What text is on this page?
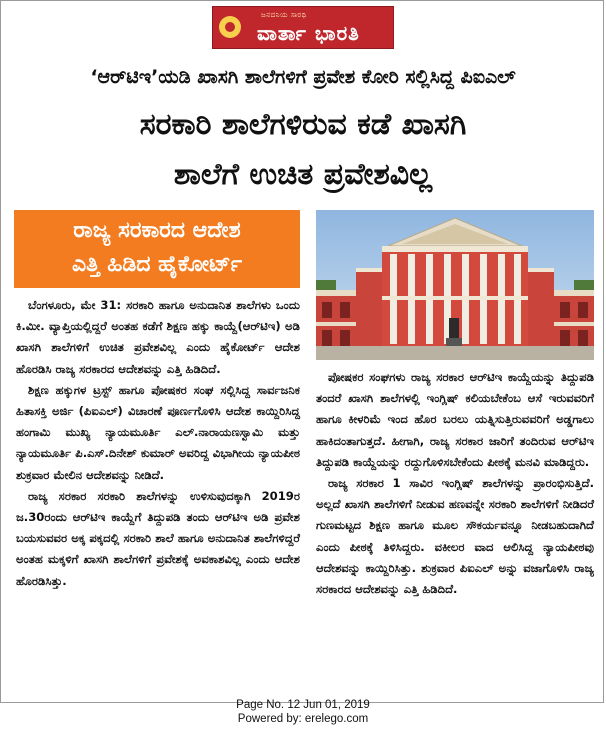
ಜನದನಿಯ ಸಾರಥಿ
ವಾರ್ತಾ ಭಾರತಿ
‘ಆರ್‌ಟಿಇ’ಯಡಿ ಖಾಸಗಿ ಶಾಲೆಗಳಿಗೆ ಪ್ರವೇಶ ಕೋರಿ ಸಲ್ಲಿಸಿದ್ದ ಪಿಐಎಲ್
ಸರಕಾರಿ ಶಾಲೆಗಳಿರುವ ಕಡೆ ಖಾಸಗಿ
ಶಾಲೆಗೆ ಉಚಿತ ಪ್ರವೇಶವಿಲ್ಲ
ರಾಜ್ಯ ಸರಕಾರದ ಆದೇಶ
ಎತ್ತಿ ಹಿಡಿದ ಹೈಕೋರ್ಟ್

ಬೆಂಗಳೂರು, ಮೇ 31: ಸರಕಾರಿ ಹಾಗೂ ಅನುದಾನಿತ ಶಾಲೆಗಳು ಒಂದು ಕಿ.ಮೀ. ವ್ಯಾಪ್ತಿಯಲ್ಲಿದ್ದರೆ ಅಂತಹ ಕಡೆಗೆ ಶಿಕ್ಷಣ ಹಕ್ಕು ಕಾಯ್ದೆ(ಆರ್‌ಟಿಇ) ಅಡಿ ಖಾಸಗಿ ಶಾಲೆಗಳಿಗೆ ಉಚಿತ ಪ್ರವೇಶವಿಲ್ಲ ಎಂದು ಹೈಕೋರ್ಟ್ ಆದೇಶ ಹೊರಡಿಸಿ ರಾಜ್ಯ ಸರಕಾರದ ಆದೇಶವನ್ನು ಎತ್ತಿ ಹಿಡಿದಿದೆ.

ಶಿಕ್ಷಣ ಹಕ್ಕುಗಳ ಟ್ರಸ್ಟ್ ಹಾಗೂ ಪೋಷಕರ ಸಂಘ ಸಲ್ಲಿಸಿದ್ದ ಸಾರ್ವಜನಿಕ ಹಿತಾಸಕ್ತಿ ಅರ್ಜಿ (ಪಿಐಎಲ್) ವಿಚಾರಣೆ ಪೂರ್ಣಗೊಳಿಸಿ ಆದೇಶ ಕಾಯ್ದಿರಿಸಿದ್ದ ಹಂಗಾಮಿ ಮುಖ್ಯ ನ್ಯಾಯಮೂರ್ತಿ ಎಲ್.ನಾರಾಯಣಸ್ವಾಮಿ ಮತ್ತು ನ್ಯಾಯಮೂರ್ತಿ ಪಿ.ಎಸ್.ದಿನೇಶ್ ಕುಮಾರ್ ಅವರಿದ್ದ ವಿಭಾಗೀಯ ನ್ಯಾಯಪೀಠ ಶುಕ್ರವಾರ ಮೇಲಿನ ಆದೇಶವನ್ನು ನೀಡಿದೆ.

ರಾಜ್ಯ ಸರಕಾರ ಸರಕಾರಿ ಶಾಲೆಗಳನ್ನು ಉಳಿಸುವುದಕ್ಕಾಗಿ 2019ರ ಜ.30ರಂದು ಆರ್‌ಟಿಇ ಕಾಯ್ದೆಗೆ ತಿದ್ದುಪಡಿ ತಂದು ಆರ್‌ಟಿಇ ಅಡಿ ಪ್ರವೇಶ ಬಯಸುವವರ ಅಕ್ಕ ಪಕ್ಕದಲ್ಲಿ ಸರಕಾರಿ ಶಾಲೆ ಹಾಗೂ ಅನುದಾನಿತ ಶಾಲೆಗಳಿದ್ದರೆ ಅಂತಹ ಮಕ್ಕಳಿಗೆ ಖಾಸಗಿ ಶಾಲೆಗಳಿಗೆ ಪ್ರವೇಶಕ್ಕೆ ಅವಕಾಶವಿಲ್ಲ ಎಂದು ಆದೇಶ ಹೊರಡಿಸಿತ್ತು.

ಪೋಷಕರ ಸಂಘಗಳು ರಾಜ್ಯ ಸರಕಾರ ಆರ್‌ಟಿಇ ಕಾಯ್ದೆಯನ್ನು ತಿದ್ದುಪಡಿ ತಂದರೆ ಖಾಸಗಿ ಶಾಲೆಗಳಲ್ಲಿ ಇಂಗ್ಲಿಷ್ ಕಲಿಯಬೇಕೆಂಬ ಆಸೆ ಇರುವವರಿಗೆ ಹಾಗೂ ಕೀಳರಿಮೆ ಇಂದ ಹೊರ ಬರಲು ಯತ್ನಿಸುತ್ತಿರುವವರಿಗೆ ಅಡ್ಡಗಾಲು ಹಾಕಿದಂತಾಗುತ್ತದೆ. ಹೀಗಾಗಿ, ರಾಜ್ಯ ಸರಕಾರ ಜಾರಿಗೆ ತಂದಿರುವ ಆರ್‌ಟಿಇ ತಿದ್ದುಪಡಿ ಕಾಯ್ದೆಯನ್ನು ರದ್ದುಗೊಳಿಸಬೇಕೆಂದು ಪೀಠಕ್ಕೆ ಮನವಿ ಮಾಡಿದ್ದರು.

ರಾಜ್ಯ ಸರಕಾರ 1 ಸಾವಿರ ಇಂಗ್ಲಿಷ್ ಶಾಲೆಗಳನ್ನು ಪ್ರಾರಂಭಿಸುತ್ತಿದೆ. ಅಲ್ಲದೆ ಖಾಸಗಿ ಶಾಲೆಗಳಿಗೆ ನೀಡುವ ಹಣವನ್ನೇ ಸರಕಾರಿ ಶಾಲೆಗಳಿಗೆ ನೀಡಿದರೆ ಗುಣಮಟ್ಟದ ಶಿಕ್ಷಣ ಹಾಗೂ ಮೂಲ ಸೌಕರ್ಯವನ್ನೂ ನೀಡಬಹುದಾಗಿದೆ ಎಂದು ಪೀಠಕ್ಕೆ ತಿಳಿಸಿದ್ದರು. ವಕೀಲರ ವಾದ ಆಲಿಸಿದ್ದ ನ್ಯಾಯಪೀಠವು ಆದೇಶವನ್ನು ಕಾಯ್ದಿರಿಸಿತ್ತು. ಶುಕ್ರವಾರ ಪಿಐಎಲ್ ಅನ್ನು ವಜಾಗೊಳಿಸಿ ರಾಜ್ಯ ಸರಕಾರದ ಆದೇಶವನ್ನು ಎತ್ತಿ ಹಿಡಿದಿದೆ.

Page No. 12 Jun 01, 2019
Powered by: erelego.com
